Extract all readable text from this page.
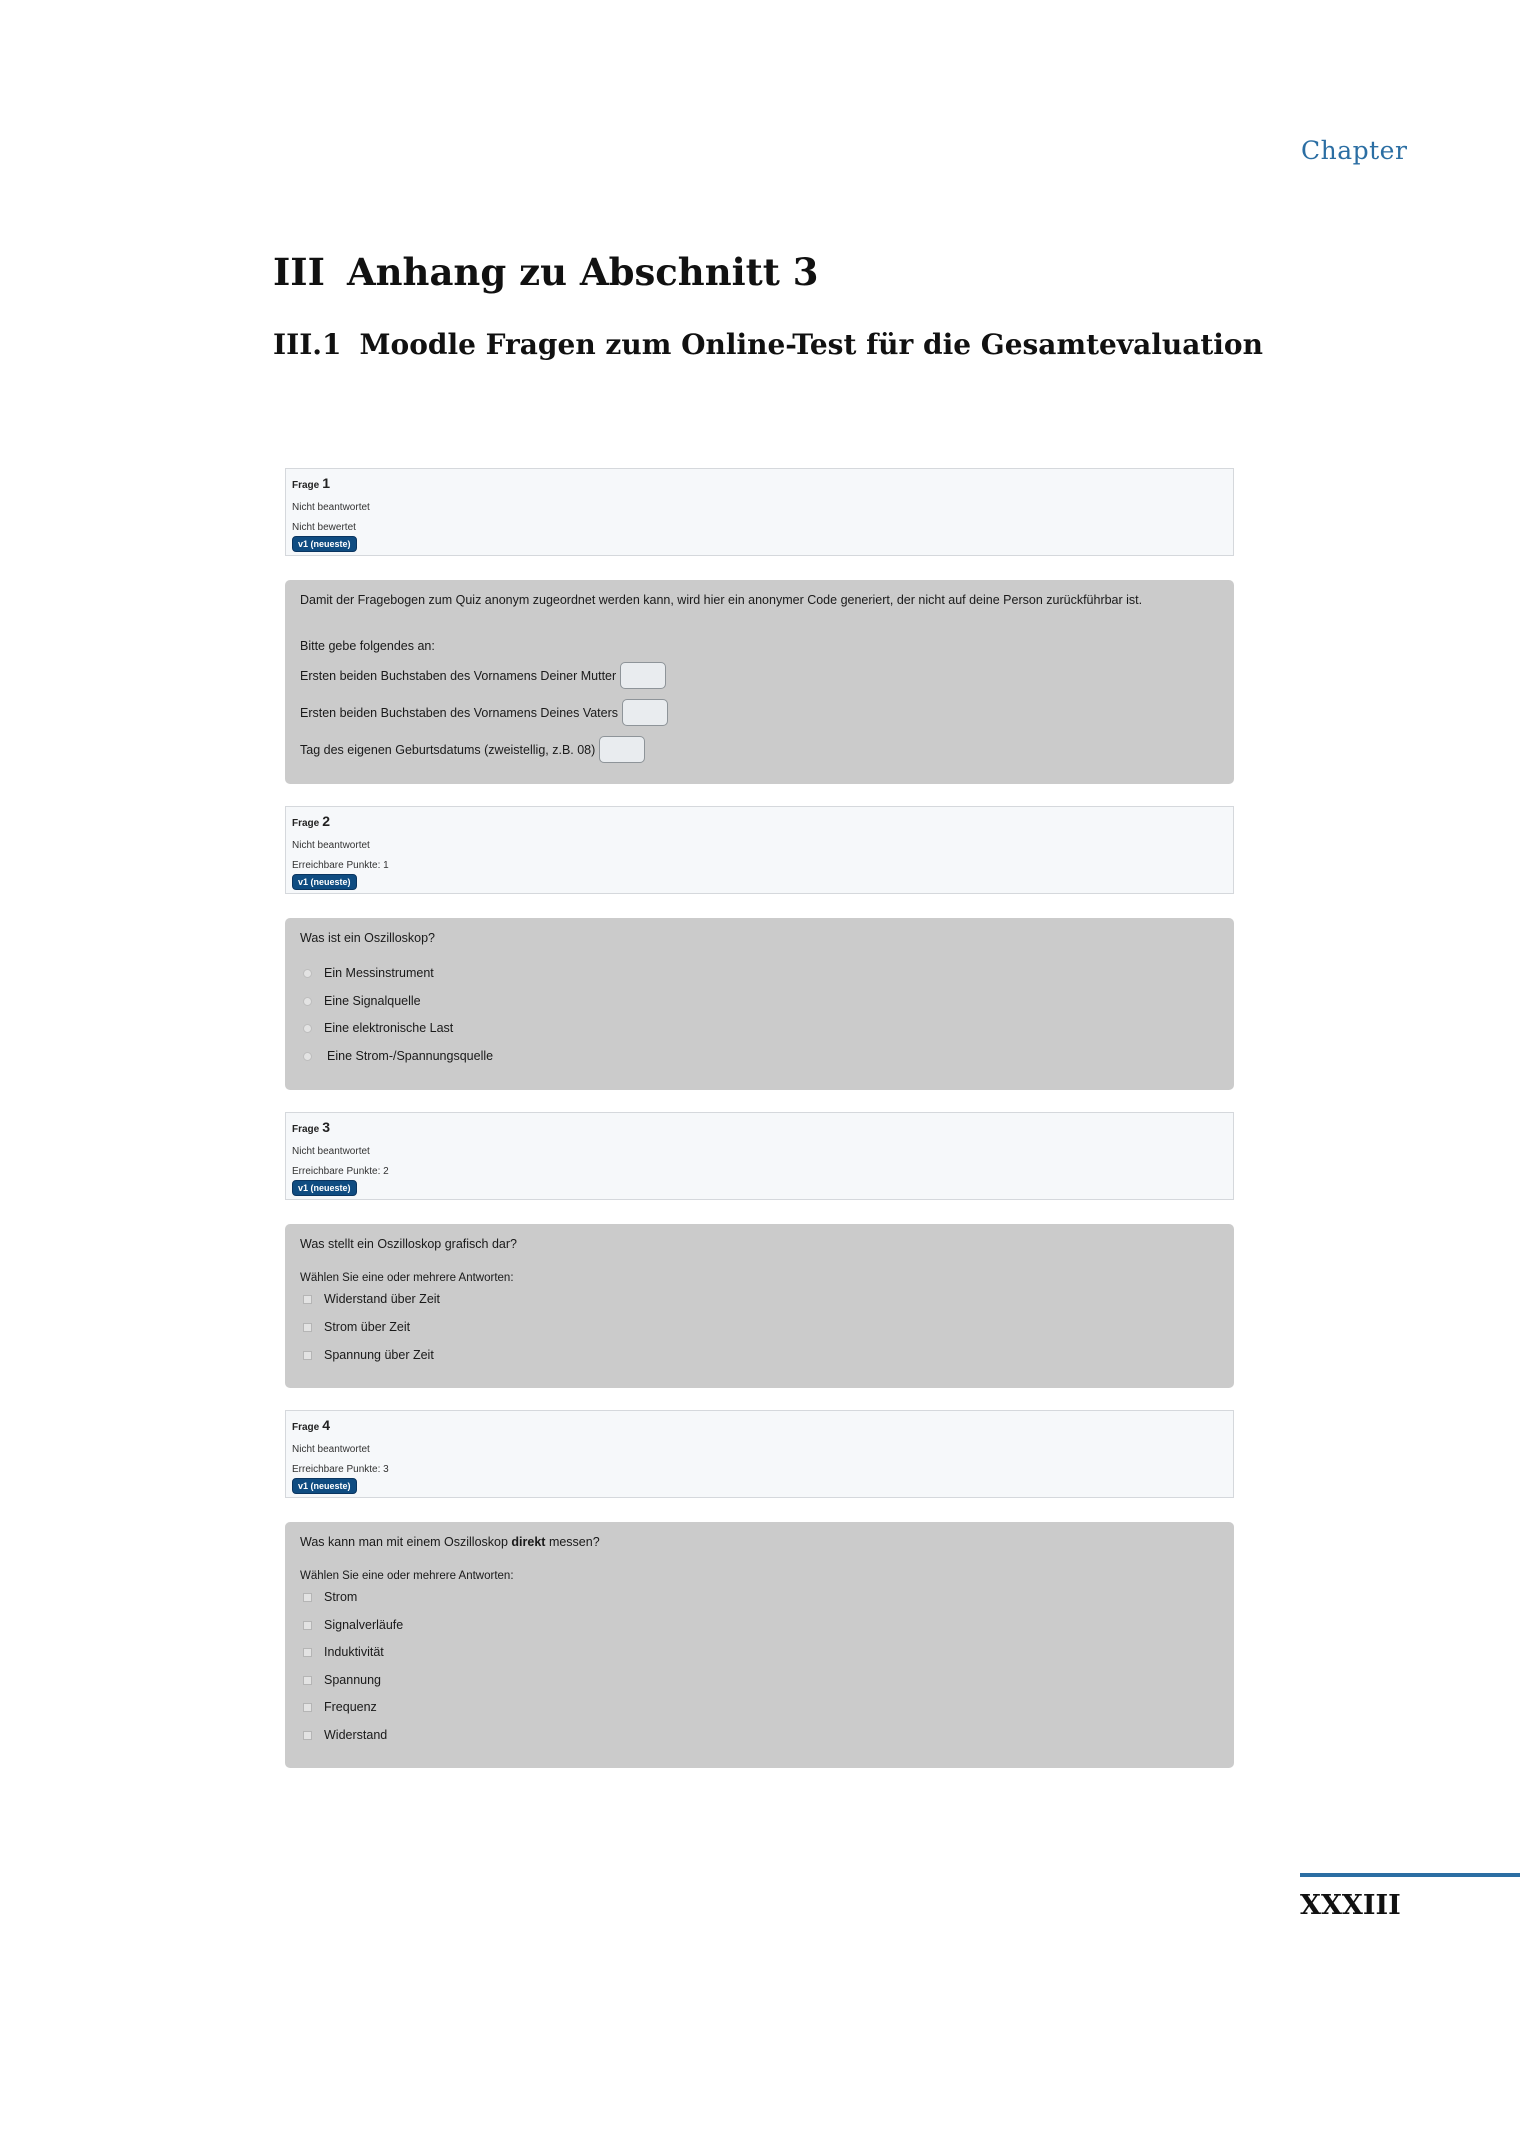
Chapter
III Anhang zu Abschnitt 3
III.1 Moodle Fragen zum Online-Test für die Gesamtevaluation
Frage 1
Nicht beantwortet
Nicht bewertet
v1 (neueste)

Damit der Fragebogen zum Quiz anonym zugeordnet werden kann, wird hier ein anonymer Code generiert, der nicht auf deine Person zurückführbar ist.

Bitte gebe folgendes an:

Ersten beiden Buchstaben des Vornamens Deiner Mutter
Ersten beiden Buchstaben des Vornamens Deines Vaters
Tag des eigenen Geburtsdatums (zweistellig, z.B. 08)
Frage 2
Nicht beantwortet
Erreichbare Punkte: 1
v1 (neueste)

Was ist ein Oszilloskop?

Ein Messinstrument
Eine Signalquelle
Eine elektronische Last
Eine Strom-/Spannungsquelle
Frage 3
Nicht beantwortet
Erreichbare Punkte: 2
v1 (neueste)

Was stellt ein Oszilloskop grafisch dar?

Wählen Sie eine oder mehrere Antworten:

Widerstand über Zeit
Strom über Zeit
Spannung über Zeit
Frage 4
Nicht beantwortet
Erreichbare Punkte: 3
v1 (neueste)

Was kann man mit einem Oszilloskop direkt messen?

Wählen Sie eine oder mehrere Antworten:

Strom
Signalverläufe
Induktivität
Spannung
Frequenz
Widerstand
XXXIII
